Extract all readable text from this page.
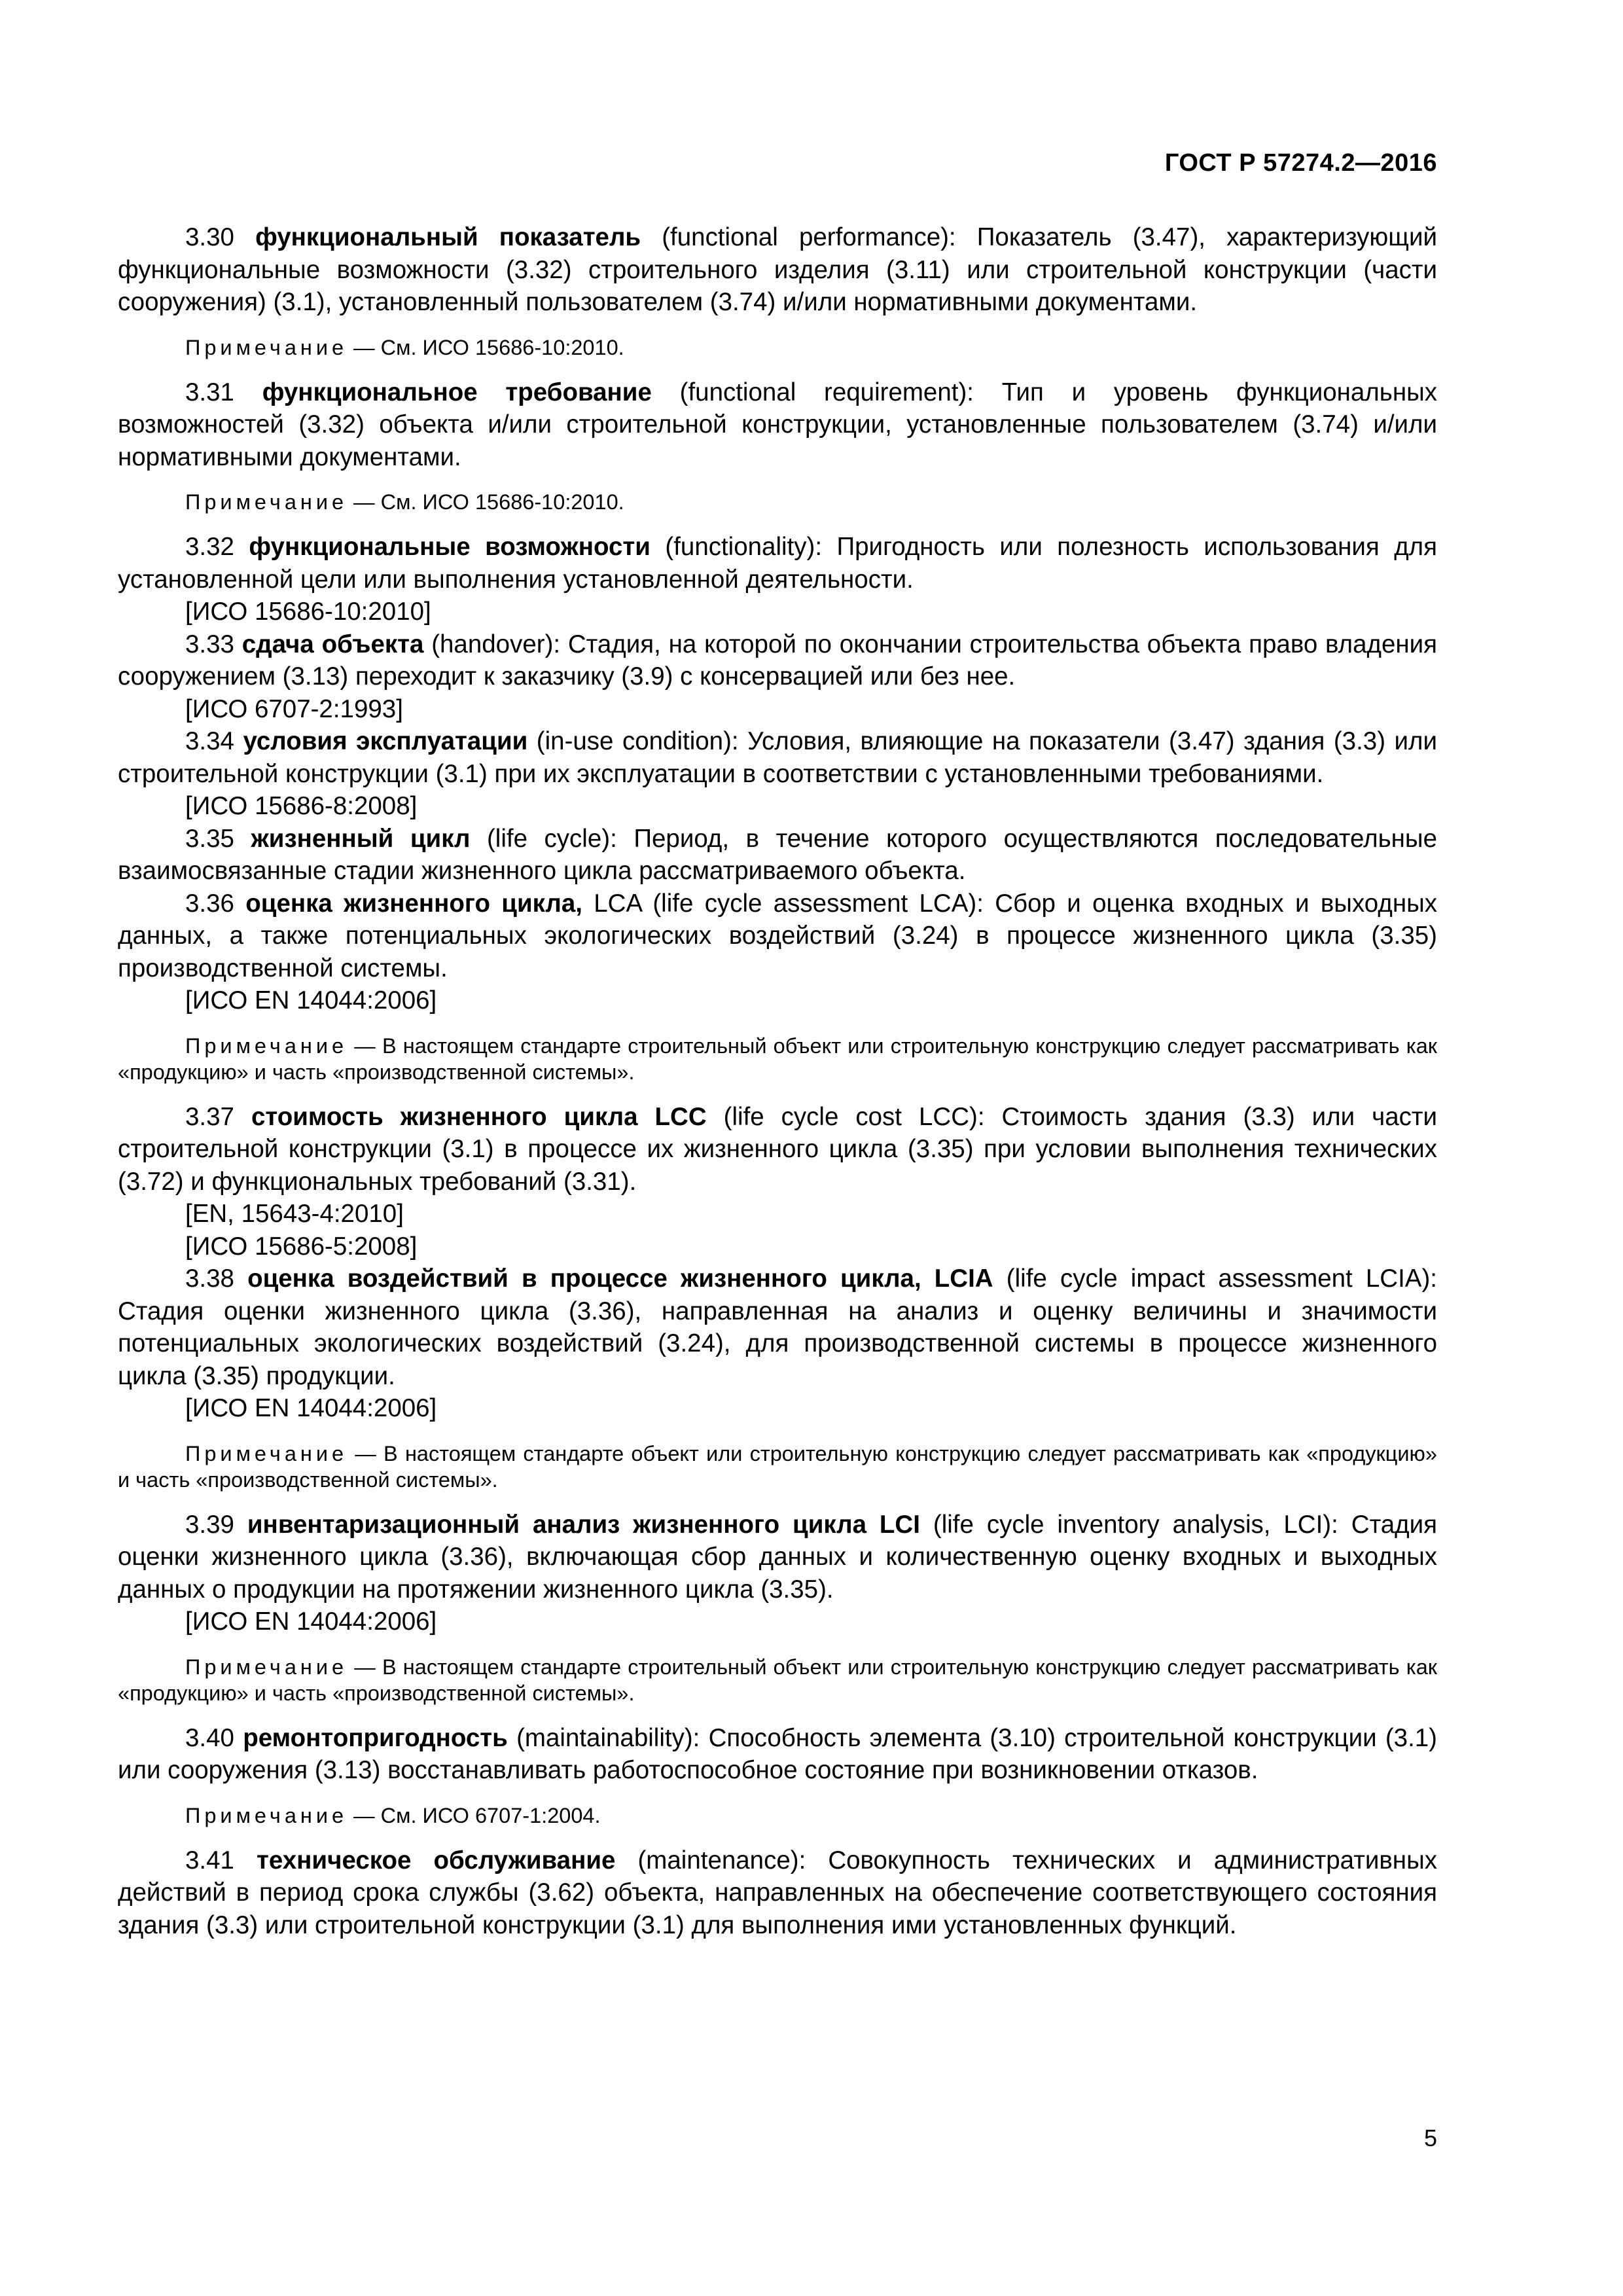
ГОСТ Р 57274.2—2016

3.30 функциональный показатель (functional performance): Показатель (3.47), характеризующий функциональные возможности (3.32) строительного изделия (3.11) или строительной конструкции (части сооружения) (3.1), установленный пользователем (3.74) и/или нормативными документами.

Примечание — См. ИСО 15686-10:2010.

3.31 функциональное требование (functional requirement): Тип и уровень функциональных возможностей (3.32) объекта и/или строительной конструкции, установленные пользователем (3.74) и/или нормативными документами.

Примечание — См. ИСО 15686-10:2010.

3.32 функциональные возможности (functionality): Пригодность или полезность использования для установленной цели или выполнения установленной деятельности.

[ИСО 15686-10:2010]

3.33 сдача объекта (handover): Стадия, на которой по окончании строительства объекта право владения сооружением (3.13) переходит к заказчику (3.9) с консервацией или без нее.

[ИСО 6707-2:1993]

3.34 условия эксплуатации (in-use condition): Условия, влияющие на показатели (3.47) здания (3.3) или строительной конструкции (3.1) при их эксплуатации в соответствии с установленными требованиями.

[ИСО 15686-8:2008]

3.35 жизненный цикл (life cycle): Период, в течение которого осуществляются последовательные взаимосвязанные стадии жизненного цикла рассматриваемого объекта.

3.36 оценка жизненного цикла, LCA (life cycle assessment LCA): Сбор и оценка входных и выходных данных, а также потенциальных экологических воздействий (3.24) в процессе жизненного цикла (3.35) производственной системы.

[ИСО EN 14044:2006]

Примечание — В настоящем стандарте строительный объект или строительную конструкцию следует рассматривать как «продукцию» и часть «производственной системы».

3.37 стоимость жизненного цикла LCC (life cycle cost LCC): Стоимость здания (3.3) или части строительной конструкции (3.1) в процессе их жизненного цикла (3.35) при условии выполнения технических (3.72) и функциональных требований (3.31).

[EN, 15643-4:2010]

[ИСО 15686-5:2008]

3.38 оценка воздействий в процессе жизненного цикла, LCIA (life cycle impact assessment LCIA): Стадия оценки жизненного цикла (3.36), направленная на анализ и оценку величины и значимости потенциальных экологических воздействий (3.24), для производственной системы в процессе жизненного цикла (3.35) продукции.

[ИСО EN 14044:2006]

Примечание — В настоящем стандарте объект или строительную конструкцию следует рассматривать как «продукцию» и часть «производственной системы».

3.39 инвентаризационный анализ жизненного цикла LCI (life cycle inventory analysis, LCI): Стадия оценки жизненного цикла (3.36), включающая сбор данных и количественную оценку входных и выходных данных о продукции на протяжении жизненного цикла (3.35).

[ИСО EN 14044:2006]

Примечание — В настоящем стандарте строительный объект или строительную конструкцию следует рассматривать как «продукцию» и часть «производственной системы».

3.40 ремонтопригодность (maintainability): Способность элемента (3.10) строительной конструкции (3.1) или сооружения (3.13) восстанавливать работоспособное состояние при возникновении отказов.

Примечание — См. ИСО 6707-1:2004.

3.41 техническое обслуживание (maintenance): Совокупность технических и административных действий в период срока службы (3.62) объекта, направленных на обеспечение соответствующего состояния здания (3.3) или строительной конструкции (3.1) для выполнения ими установленных функций.

5
